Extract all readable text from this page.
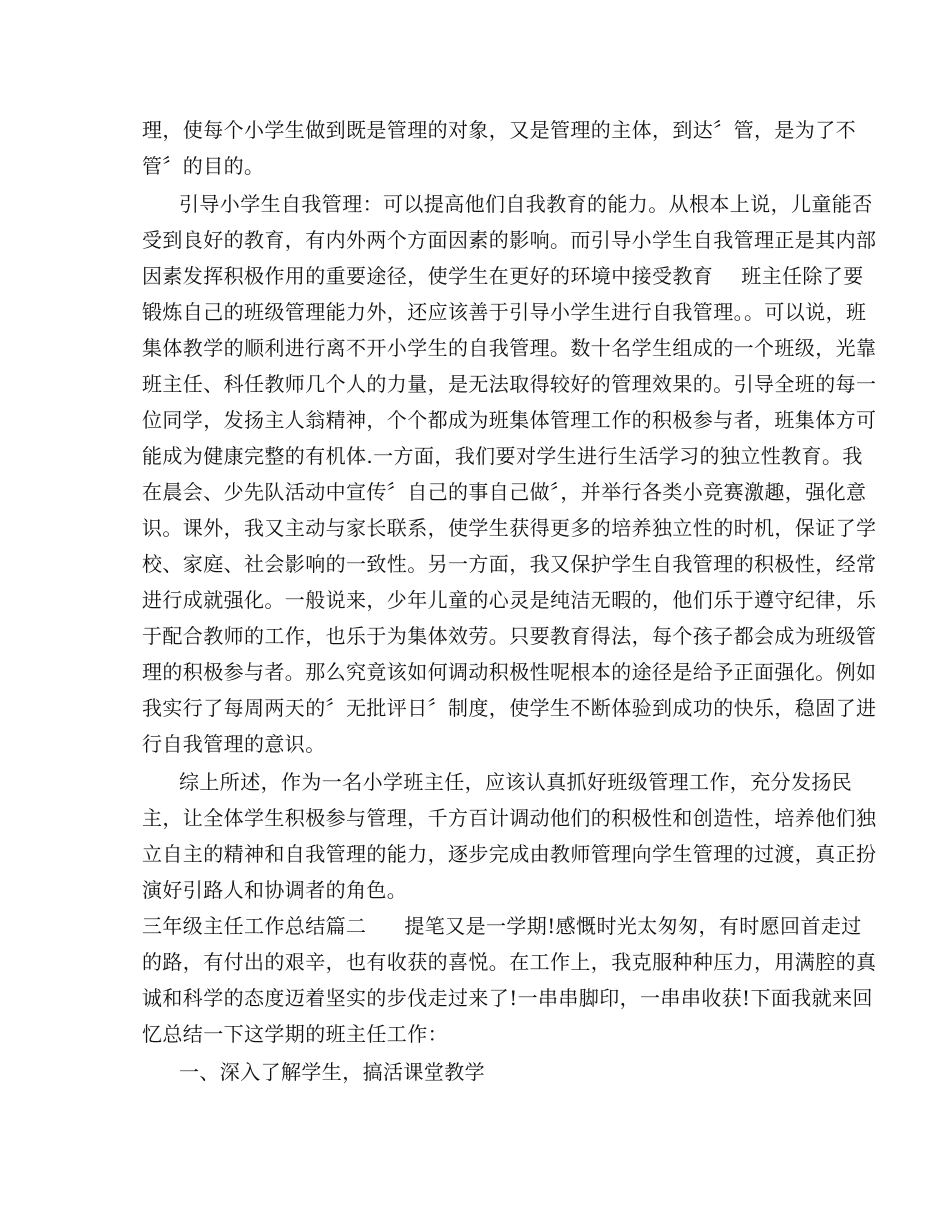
理，使每个小学生做到既是管理的对象，又是管理的主体，到达〞管，是为了不
管〞的目的。
引导小学生自我管理：可以提高他们自我教育的能力。从根本上说，儿童能否
受到良好的教育，有内外两个方面因素的影响。而引导小学生自我管理正是其内部
因素发挥积极作用的重要途径，使学生在更好的环境中接受教育 班主任除了要
锻炼自己的班级管理能力外，还应该善于引导小学生进行自我管理。。可以说，班
集体教学的顺利进行离不开小学生的自我管理。数十名学生组成的一个班级，光靠
班主任、科任教师几个人的力量，是无法取得较好的管理效果的。引导全班的每一
位同学，发扬主人翁精神，个个都成为班集体管理工作的积极参与者，班集体方可
能成为健康完整的有机体.一方面，我们要对学生进行生活学习的独立性教育。我
在晨会、少先队活动中宣传〞自己的事自己做〞，并举行各类小竞赛激趣，强化意
识。课外，我又主动与家长联系，使学生获得更多的培养独立性的时机，保证了学
校、家庭、社会影响的一致性。另一方面，我又保护学生自我管理的积极性，经常
进行成就强化。一般说来，少年儿童的心灵是纯洁无暇的，他们乐于遵守纪律，乐
于配合教师的工作，也乐于为集体效劳。只要教育得法，每个孩子都会成为班级管
理的积极参与者。那么究竟该如何调动积极性呢根本的途径是给予正面强化。例如
我实行了每周两天的〞无批评日〞制度，使学生不断体验到成功的快乐，稳固了进
行自我管理的意识。
综上所述，作为一名小学班主任，应该认真抓好班级管理工作，充分发扬民
主，让全体学生积极参与管理，千方百计调动他们的积极性和创造性，培养他们独
立自主的精神和自我管理的能力，逐步完成由教师管理向学生管理的过渡，真正扮
演好引路人和协调者的角色。
三年级主任工作总结篇二 提笔又是一学期!感慨时光太匆匆，有时愿回首走过
的路，有付出的艰辛，也有收获的喜悦。在工作上，我克服种种压力，用满腔的真
诚和科学的态度迈着坚实的步伐走过来了!一串串脚印，一串串收获!下面我就来回
忆总结一下这学期的班主任工作：
一、深入了解学生，搞活课堂教学
